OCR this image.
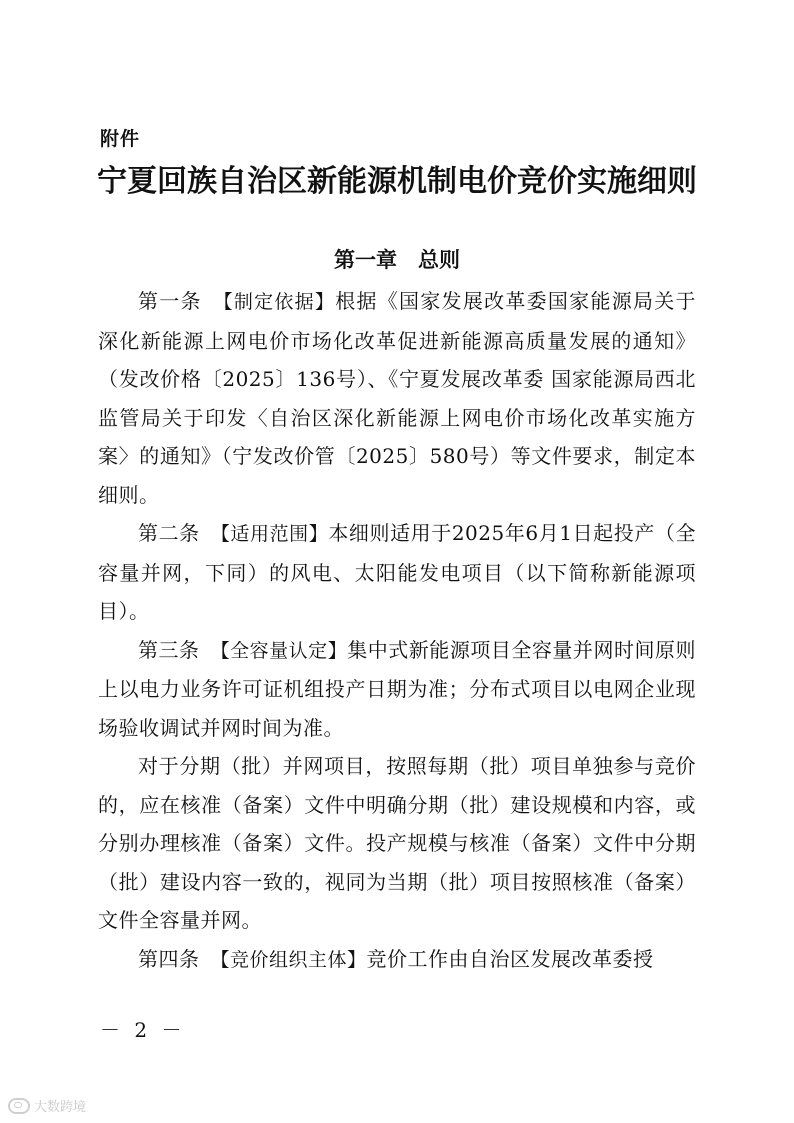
附件
宁夏回族自治区新能源机制电价竞价实施细则
第一章　总则

第一条　 【制定依据】根据《国家发展改革委国家能源局关于深化新能源上网电价市场化改革促进新能源高质量发展的通知》（发改价格〔2025〕136号）、《宁夏发展改革委 国家能源局西北监管局关于印发〈自治区深化新能源上网电价市场化改革实施方案〉的通知》（宁发改价管〔2025〕580号）等文件要求，制定本细则。

第二条　 【适用范围】本细则适用于2025年6月1日起投产（全容量并网，下同）的风电、太阳能发电项目（以下简称新能源项目）。

第三条　 【全容量认定】集中式新能源项目全容量并网时间原则上以电力业务许可证机组投产日期为准；分布式项目以电网企业现场验收调试并网时间为准。

对于分期（批）并网项目，按照每期（批）项目单独参与竞价的，应在核准（备案）文件中明确分期（批）建设规模和内容，或分别办理核准（备案）文件。投产规模与核准（备案）文件中分期（批）建设内容一致的，视同为当期（批）项目按照核准（备案）文件全容量并网。

第四条　 【竞价组织主体】竞价工作由自治区发展改革委授

－ 2 －
大数跨境
